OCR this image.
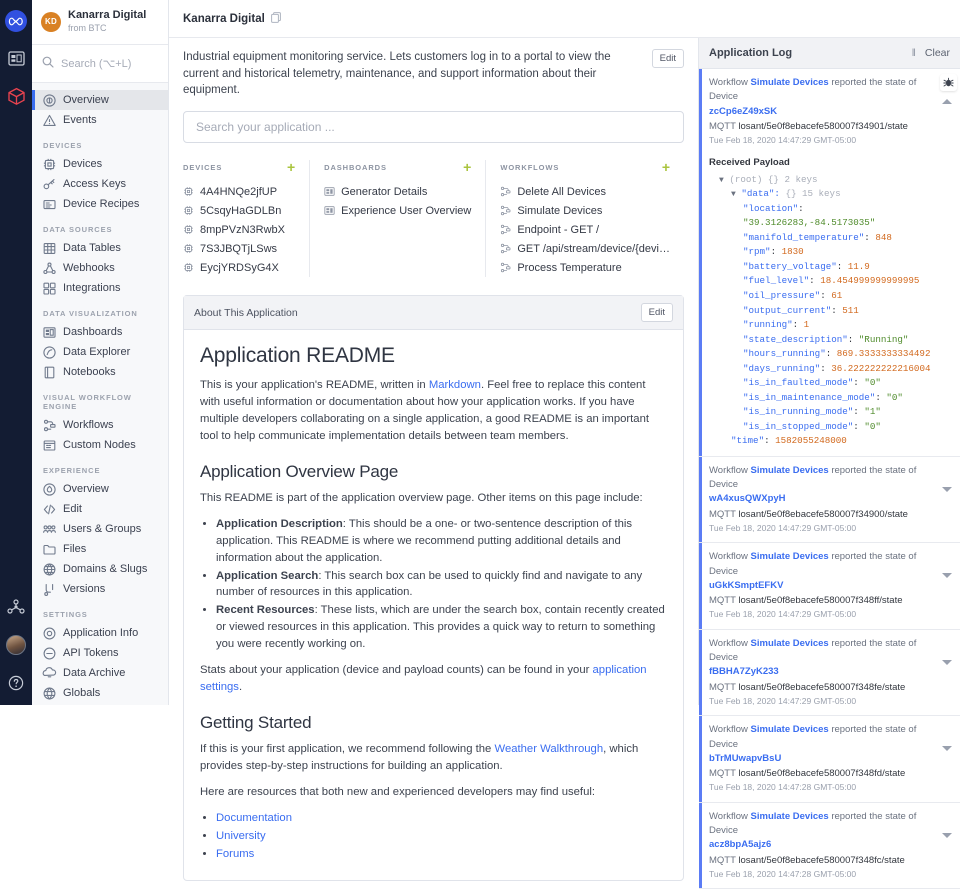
KD
Kanarra Digital
from BTC
Search (⌥+L)
Overview
Events
DEVICES
Devices
Access Keys
Device Recipes
DATA SOURCES
Data Tables
Webhooks
Integrations
DATA VISUALIZATION
Dashboards
Data Explorer
Notebooks
VISUAL WORKFLOW ENGINE
Workflows
Custom Nodes
EXPERIENCE
Overview
Edit
Users & Groups
Files
Domains & Slugs
Versions
SETTINGS
Application Info
API Tokens
Data Archive
Globals
Kanarra Digital
Industrial equipment monitoring service. Lets customers log in to a portal to view the current and historical telemetry, maintenance, and support information about their equipment.
Edit
Search your application ...
DEVICES	+
4A4HNQe2jfUP
5CsqyHaGDLBn
8mpPVzN3RwbX
7S3JBQTjLSws
EycjYRDSyG4X
DASHBOARDS	+
Generator Details
Experience User Overview
WORKFLOWS	+
Delete All Devices
Simulate Devices
Endpoint - GET /
GET /api/stream/device/{devi…
Process Temperature
About This Application	Edit
Application README

This is your application's README, written in Markdown. Feel free to replace this content with useful information or documentation about how your application works. If you have multiple developers collaborating on a single application, a good README is an important tool to help communicate implementation details between team members.

Application Overview Page

This README is part of the application overview page. Other items on this page include:

• Application Description: This should be a one- or two-sentence description of this application. This README is where we recommend putting additional details and information about the application.
• Application Search: This search box can be used to quickly find and navigate to any number of resources in this application.
• Recent Resources: These lists, which are under the search box, contain recently created or viewed resources in this application. This provides a quick way to return to something you were recently working on.

Stats about your application (device and payload counts) can be found in your application settings.

Getting Started

If this is your first application, we recommend following the Weather Walkthrough, which provides step-by-step instructions for building an application.

Here are resources that both new and experienced developers may find useful:

• Documentation
• University
• Forums
Application Log	‖ Clear
Workflow Simulate Devices reported the state of Device
zcCp6eZ49xSK
MQTT losant/5e0f8ebacefe580007f34901/state
Tue Feb 18, 2020 14:47:29 GMT-05:00
Received Payload
▼ (root) {} 2 keys
▼ "data": {} 15 keys
"location": "39.3126283,-84.5173035"
"manifold_temperature": 848
"rpm": 1830
"battery_voltage": 11.9
"fuel_level": 18.454999999999995
"oil_pressure": 61
"output_current": 511
"running": 1
"state_description": "Running"
"hours_running": 869.3333333334492
"days_running": 36.222222222216004
"is_in_faulted_mode": "0"
"is_in_maintenance_mode": "0"
"is_in_running_mode": "1"
"is_in_stopped_mode": "0"
"time": 1582055248000
Workflow Simulate Devices reported the state of Device
wA4xusQWXpyH
MQTT losant/5e0f8ebacefe580007f34900/state
Tue Feb 18, 2020 14:47:29 GMT-05:00
Workflow Simulate Devices reported the state of Device
uGkKSmptEFKV
MQTT losant/5e0f8ebacefe580007f348ff/state
Tue Feb 18, 2020 14:47:29 GMT-05:00
Workflow Simulate Devices reported the state of Device
fBBHA7ZyK233
MQTT losant/5e0f8ebacefe580007f348fe/state
Tue Feb 18, 2020 14:47:29 GMT-05:00
Workflow Simulate Devices reported the state of Device
bTrMUwapvBsU
MQTT losant/5e0f8ebacefe580007f348fd/state
Tue Feb 18, 2020 14:47:28 GMT-05:00
Workflow Simulate Devices reported the state of Device
acz8bpA5ajz6
MQTT losant/5e0f8ebacefe580007f348fc/state
Tue Feb 18, 2020 14:47:28 GMT-05:00
